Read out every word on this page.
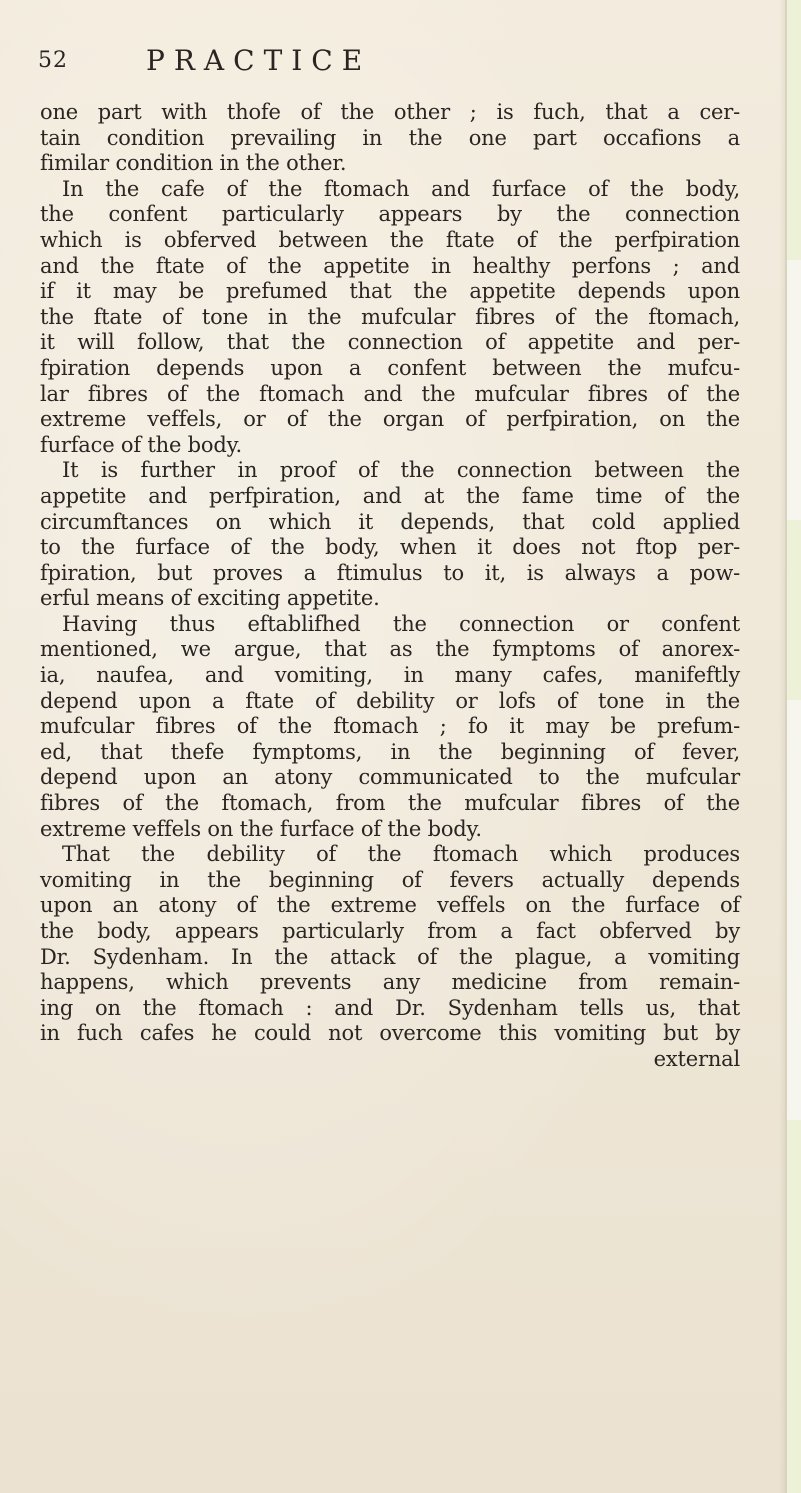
52	PRACTICE
one part with thofe of the other ; is fuch, that a cer-
tain condition prevailing in the one part occafions a
fimilar condition in the other.
In the cafe of the ftomach and furface of the body,
the confent particularly appears by the connection
which is obferved between the ftate of the perfpiration
and the ftate of the appetite in healthy perfons ; and
if it may be prefumed that the appetite depends upon
the ftate of tone in the mufcular fibres of the ftomach,
it will follow, that the connection of appetite and per-
fpiration depends upon a confent between the mufcu-
lar fibres of the ftomach and the mufcular fibres of the
extreme veffels, or of the organ of perfpiration, on the
furface of the body.
It is further in proof of the connection between the
appetite and perfpiration, and at the fame time of the
circumftances on which it depends, that cold applied
to the furface of the body, when it does not ftop per-
fpiration, but proves a ftimulus to it, is always a pow-
erful means of exciting appetite.
Having thus eftablifhed the connection or confent
mentioned, we argue, that as the fymptoms of anorex-
ia, naufea, and vomiting, in many cafes, manifeftly
depend upon a ftate of debility or lofs of tone in the
mufcular fibres of the ftomach ; fo it may be prefum-
ed, that thefe fymptoms, in the beginning of fever,
depend upon an atony communicated to the mufcular
fibres of the ftomach, from the mufcular fibres of the
extreme veffels on the furface of the body.
That the debility of the ftomach which produces
vomiting in the beginning of fevers actually depends
upon an atony of the extreme veffels on the furface of
the body, appears particularly from a fact obferved by
Dr. Sydenham. In the attack of the plague, a vomiting
happens, which prevents any medicine from remain-
ing on the ftomach : and Dr. Sydenham tells us, that
in fuch cafes he could not overcome this vomiting but by
external
